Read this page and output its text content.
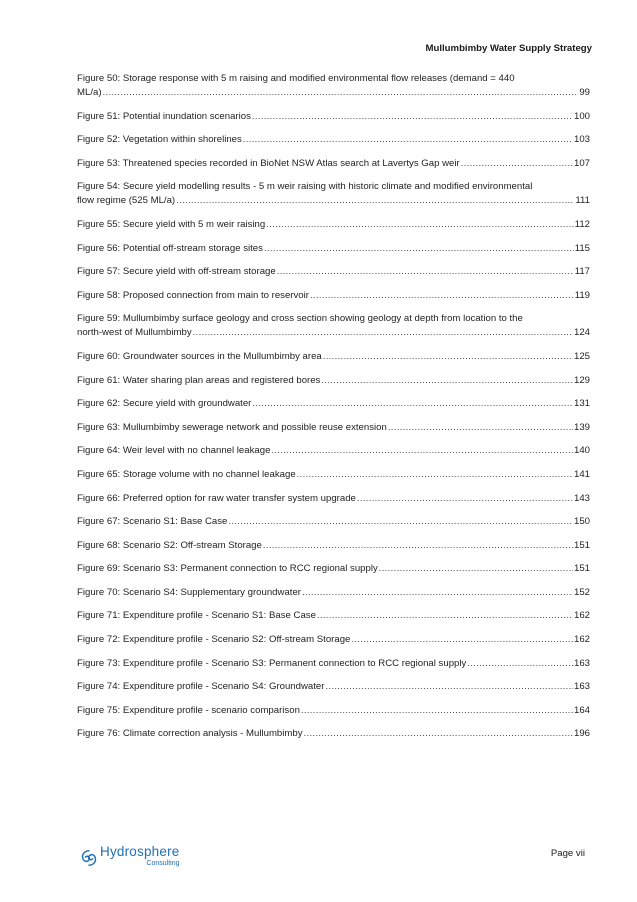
Mullumbimby Water Supply Strategy
Figure 50: Storage response with 5 m raising and modified environmental flow releases (demand = 440
ML/a) .....	99
Figure 51: Potential inundation scenarios .....	100
Figure 52: Vegetation within shorelines .....	103
Figure 53: Threatened species recorded in BioNet NSW Atlas search at Lavertys Gap weir .....	107
Figure 54: Secure yield modelling results - 5 m weir raising with historic climate and modified environmental
flow regime (525 ML/a) .....	111
Figure 55: Secure yield with 5 m weir raising .....	112
Figure 56: Potential off-stream storage sites .....	115
Figure 57: Secure yield with off-stream storage .....	117
Figure 58: Proposed connection from main to reservoir .....	119
Figure 59: Mullumbimby surface geology and cross section showing geology at depth from location to the
north-west of Mullumbimby .....	124
Figure 60: Groundwater sources in the Mullumbimby area .....	125
Figure 61: Water sharing plan areas and registered bores .....	129
Figure 62: Secure yield with groundwater .....	131
Figure 63: Mullumbimby sewerage network and possible reuse extension .....	139
Figure 64: Weir level with no channel leakage .....	140
Figure 65: Storage volume with no channel leakage .....	141
Figure 66: Preferred option for raw water transfer system upgrade .....	143
Figure 67: Scenario S1: Base Case .....	150
Figure 68: Scenario S2: Off-stream Storage .....	151
Figure 69: Scenario S3: Permanent connection to RCC regional supply .....	151
Figure 70: Scenario S4: Supplementary groundwater .....	152
Figure 71: Expenditure profile - Scenario S1: Base Case .....	162
Figure 72: Expenditure profile - Scenario S2: Off-stream Storage .....	162
Figure 73: Expenditure profile - Scenario S3: Permanent connection to RCC regional supply .....	163
Figure 74: Expenditure profile - Scenario S4: Groundwater .....	163
Figure 75: Expenditure profile - scenario comparison .....	164
Figure 76: Climate correction analysis - Mullumbimby .....	196
Hydrosphere
Consulting
Page vii
